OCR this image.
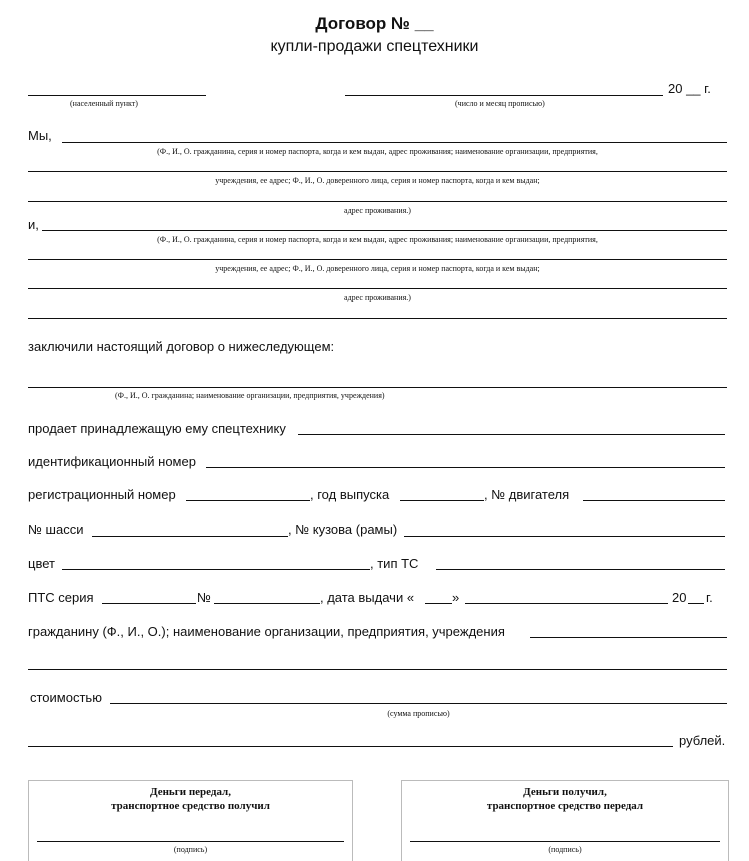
Договор № __
купли-продажи спецтехники
(населенный пункт)
20 __ г.
(число и месяц прописью)
Мы,
(Ф., И., О. гражданина, серия и номер паспорта, когда и кем выдан, адрес проживания; наименование организации, предприятия,
учреждения, ее адрес; Ф., И., О. доверенного лица, серия и номер паспорта, когда и кем выдан;
адрес проживания.)
и,
(Ф., И., О. гражданина, серия и номер паспорта, когда и кем выдан, адрес проживания; наименование организации, предприятия,
учреждения, ее адрес; Ф., И., О. доверенного лица, серия и номер паспорта, когда и кем выдан;
адрес проживания.)
заключили настоящий договор о нижеследующем:
(Ф., И., О. гражданина; наименование организации, предприятия, учреждения)
продает принадлежащую ему спецтехнику
идентификационный номер
регистрационный номер	, год выпуска	, № двигателя
№ шасси	, № кузова (рамы)
цвет	, тип ТС
ПТС серия	№	, дата выдачи «	»	20 г.
гражданину (Ф., И., О.); наименование организации, предприятия, учреждения
стоимостью
(сумма прописью)
рублей.
Деньги передал,
транспортное средство получил
(подпись)
Деньги получил,
транспортное средство передал
(подпись)
